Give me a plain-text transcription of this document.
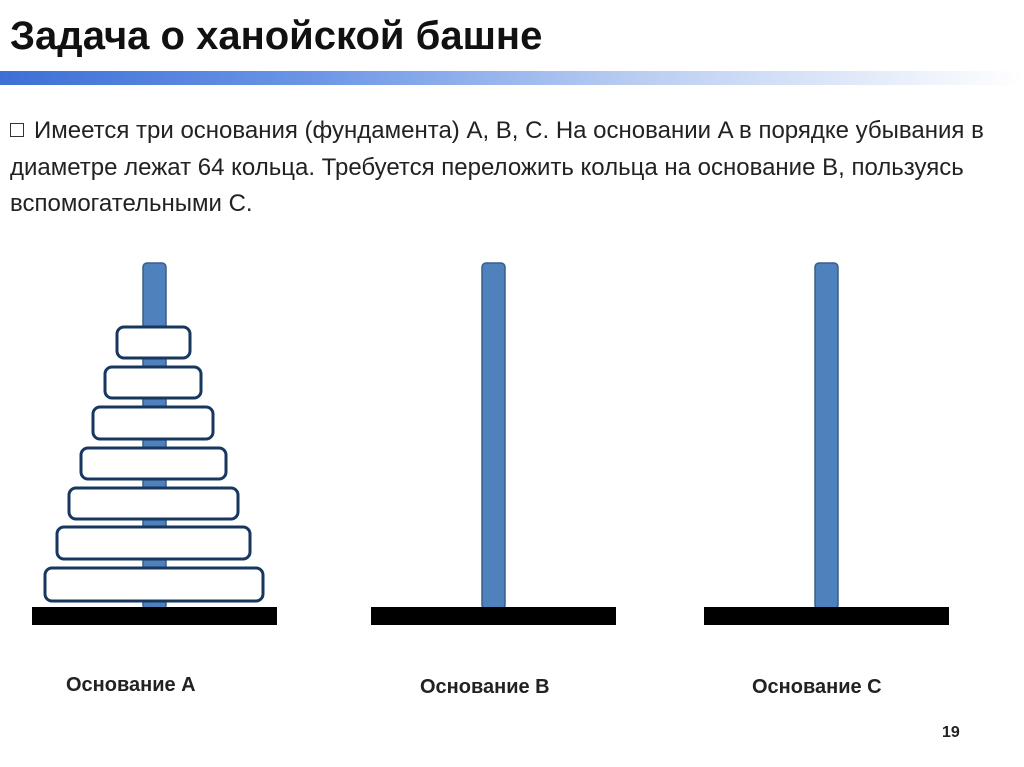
Задача о ханойской башне
Имеется три основания (фундамента) A, B, C. На основании A в порядке убывания в диаметре лежат 64 кольца. Требуется переложить кольца на основание B, пользуясь вспомогательными C.
Основание A	Основание B	Основание C
19
